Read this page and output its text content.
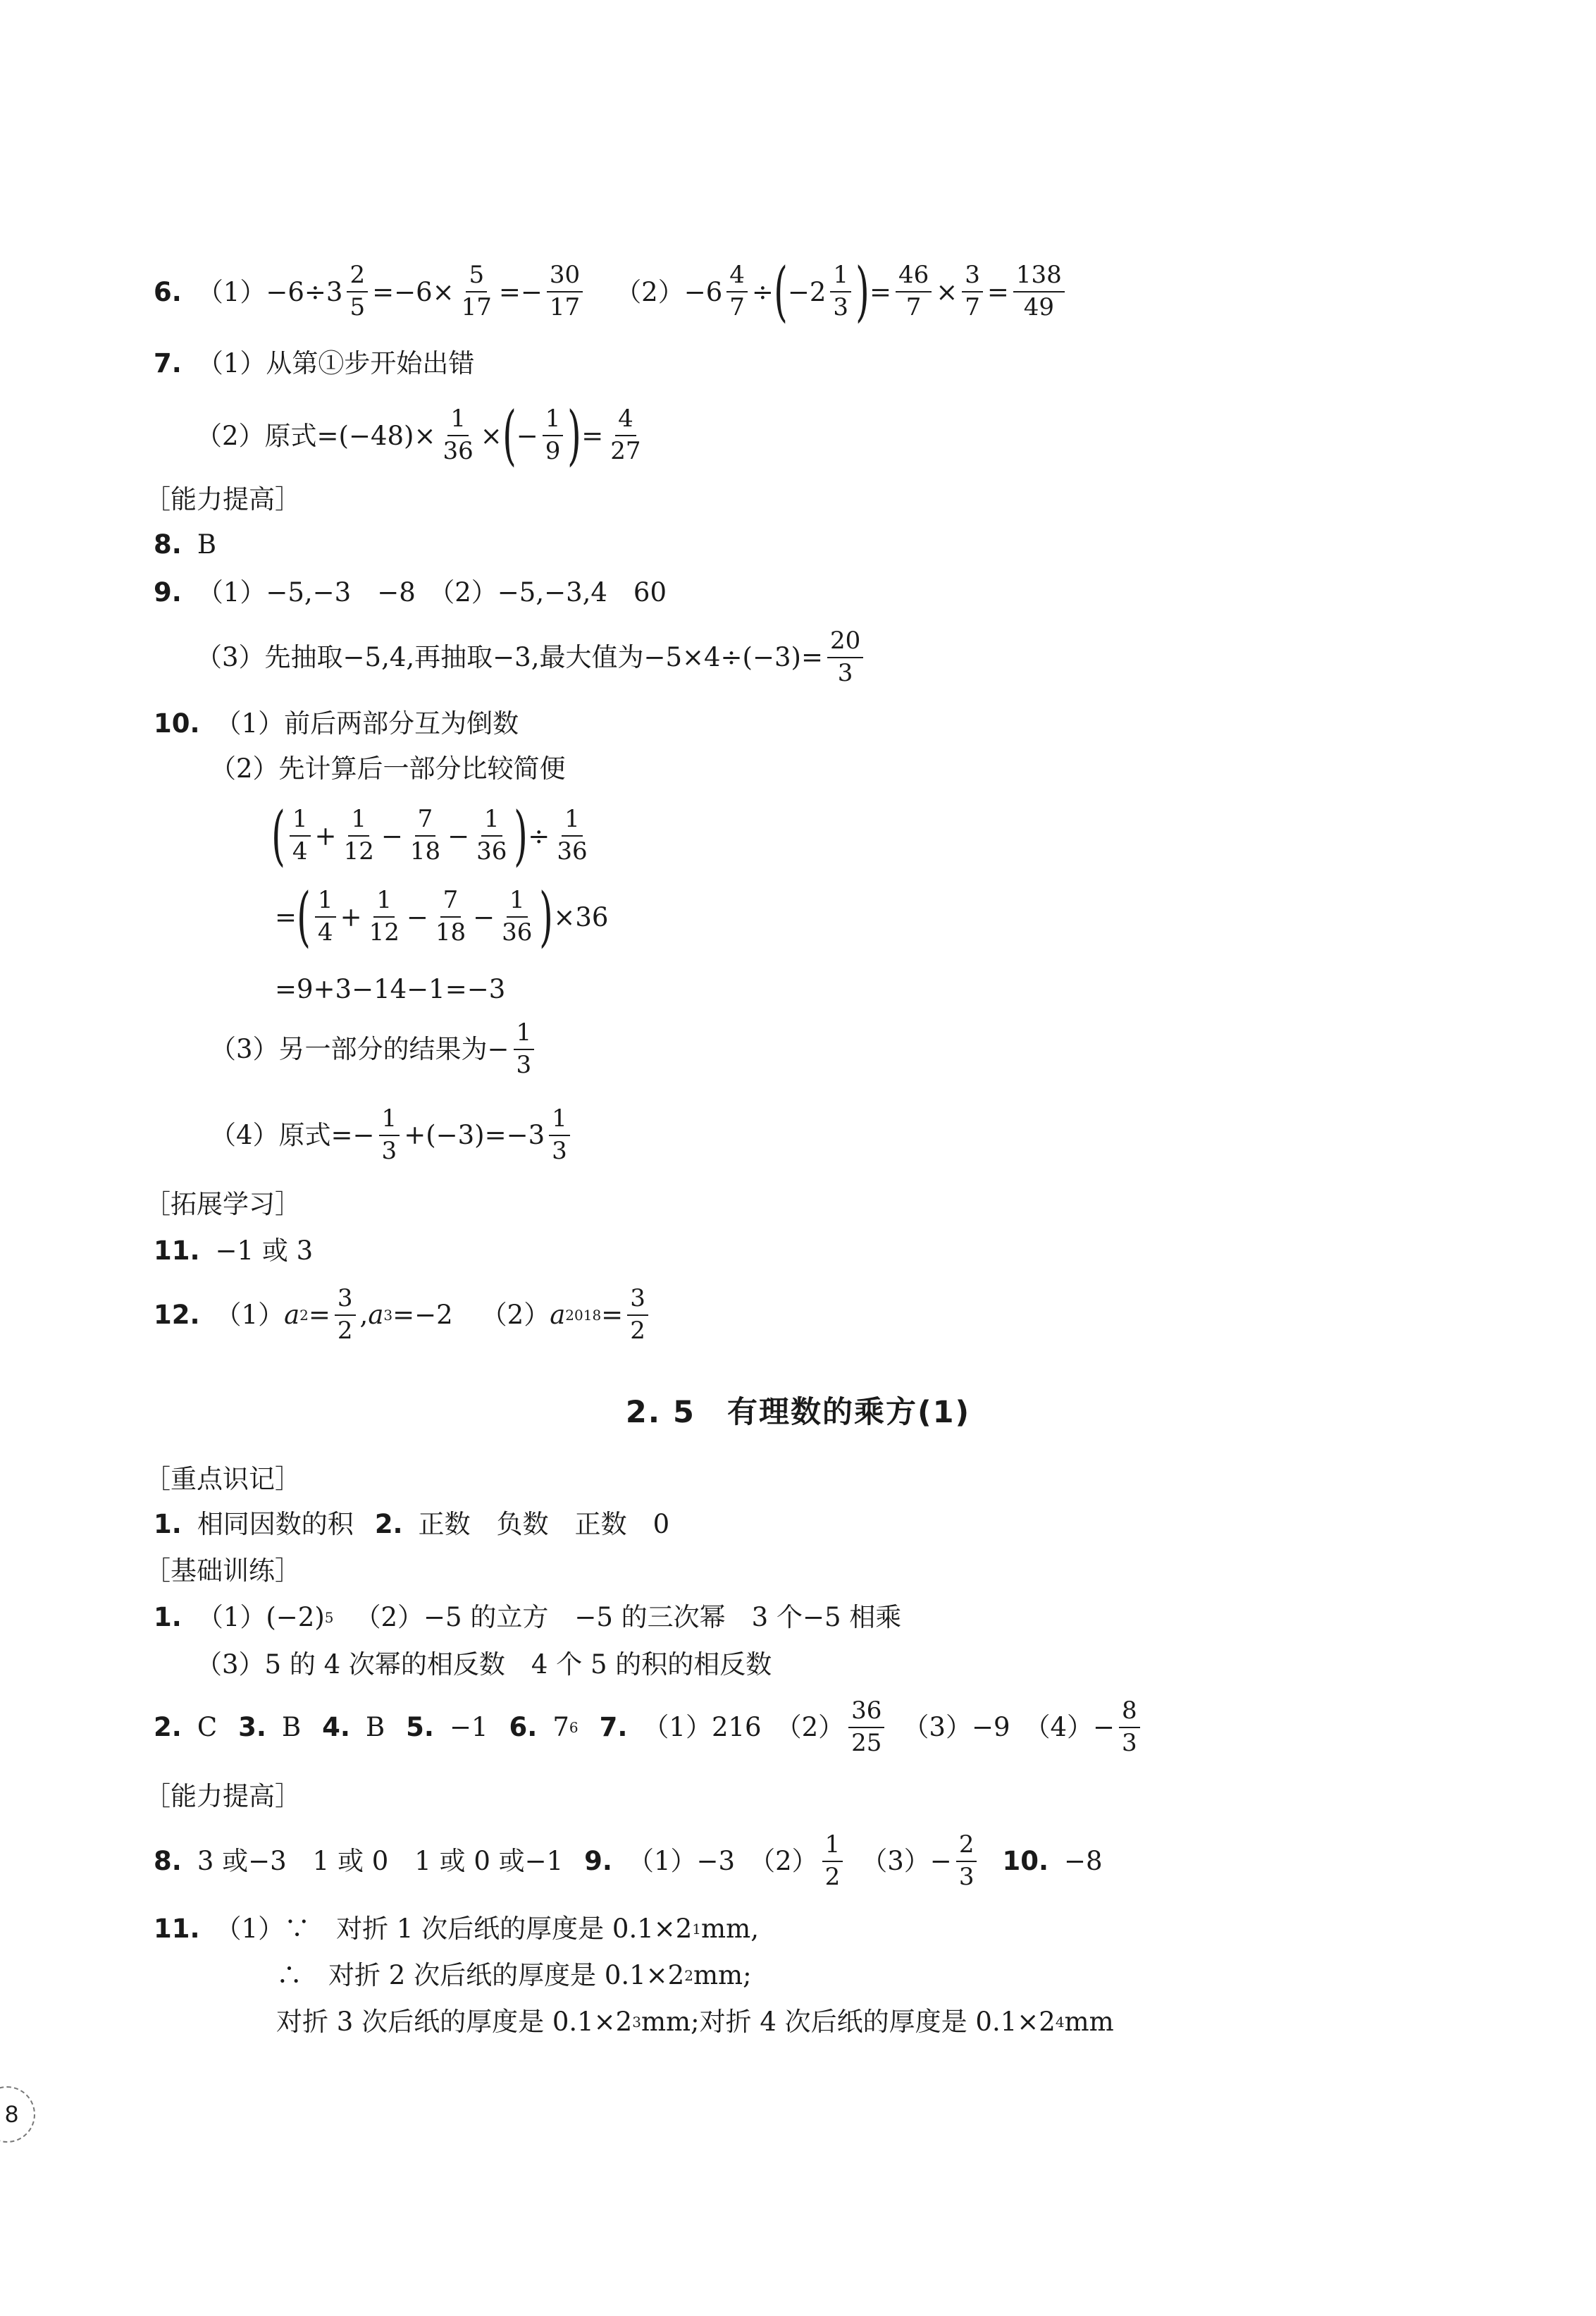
6. $(1) -6\div 3 \frac{2}{5} =-6\times \frac{5}{17} =- \frac{30}{17} (2) -6 \frac{4}{7}$ ÷ ( $-2 \frac{1}{3}$ ) = $\frac{46}{7} \times \frac{3}{7} = \frac{138}{49}$
7. （1）从第①步开始出错
（2）原式$=(-48)\times \frac{1}{36}$ × ( − $\frac{1}{9}$ ) = $\frac{4}{27}$
［能力提高］
8. B
9. （1）−5,−3　−8　（2）−5,−3,4　60
（3）先抽取−5,4,再抽取−3,最大值为$-5\times 4\div(-3)= \frac{20}{3}$
10. （1）前后两部分互为倒数
（2）先计算后一部分比较简便
( $\frac{1}{4} + \frac{1}{12} - \frac{7}{18} - \frac{1}{36}$ ) ÷ $\frac{1}{36}$
= ( $\frac{1}{4} + \frac{1}{12} - \frac{7}{18} - \frac{1}{36}$ ) ×36
=9+3−14−1=−3
（3）另一部分的结果为− $\frac{1}{3}$
（4）原式=− $\frac{1}{3} +(-3)=-3 \frac{1}{3}$
［拓展学习］
11. −1 或 3
12. （1） a $2 = \frac{3}{2}$ , a 3 =−2 （2） a $2018 = \frac{3}{2}$
2. 5　有理数的乘方(1)
［重点识记］
1. 相同因数的积 2. 正数　负数　正数　0
［基础训练］
1. （1）(−2) 5 （2）−5 的立方　−5 的三次幂　3 个−5 相乘
（3）5 的 4 次幂的相反数　4 个 5 的积的相反数
2. C 3. B 4. B 5. −1 6. 7 6 7. （1）216 $(2) \frac{36}{25} (3)-9$ $(4)- \frac{8}{3}$
［能力提高］
8. 3 或−3　1 或 0　1 或 0 或−1 9. （1）−3 $(2) \frac{1}{2} (3)- \frac{2}{3} 10$. −8
11. （1）∵　对折 1 次后纸的厚度是 0.1×2 1 mm,
∴　对折 2 次后纸的厚度是 0.1×2 2 mm;
对折 3 次后纸的厚度是 0.1×2 3 mm;对折 4 次后纸的厚度是 0.1×2 4 mm
8
